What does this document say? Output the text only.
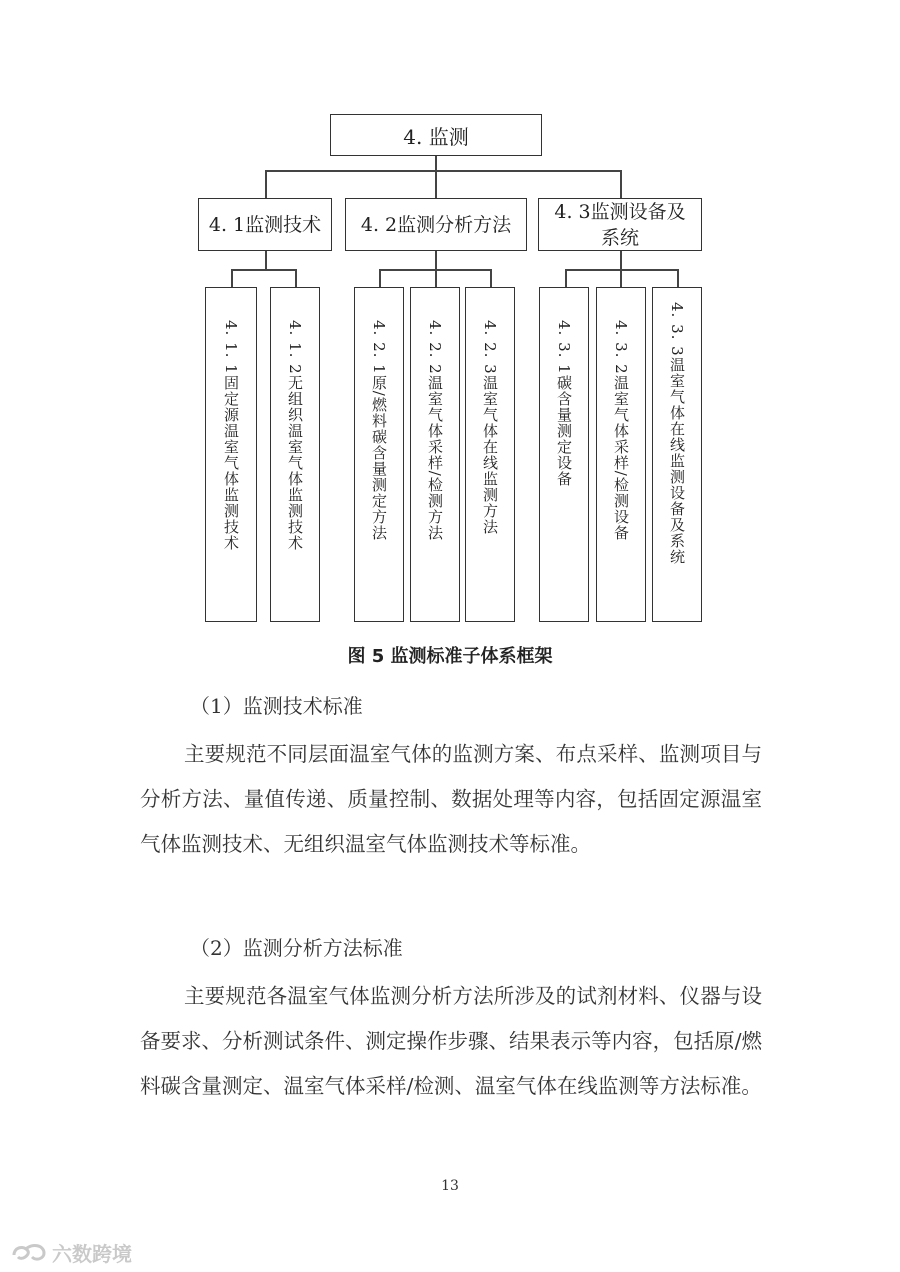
4. 监测
4. 1监测技术 4. 2监测分析方法
4. 3监测设备及系统
4. 1. 1固定源温室气体监测技术	4. 1. 2无组织温室气体监测技术	4. 2. 1原/燃料碳含量测定方法	4. 2. 2温室气体采样/检测方法 4. 2. 3温室气体在线监测方法	4. 3. 1碳含量测定设备	4. 3. 2温室气体采样/检测设备	4. 3. 3温室气体在线监测设备及系统
图 5 监测标准子体系框架
（1）监测技术标准

主要规范不同层面温室气体的监测方案、布点采样、监测项目与分析方法、量值传递、质量控制、数据处理等内容，包括固定源温室气体监测技术、无组织温室气体监测技术等标准。

（2）监测分析方法标准

主要规范各温室气体监测分析方法所涉及的试剂材料、仪器与设备要求、分析测试条件、测定操作步骤、结果表示等内容，包括原/燃料碳含量测定、温室气体采样/检测、温室气体在线监测等方法标准。

13
六数跨境
